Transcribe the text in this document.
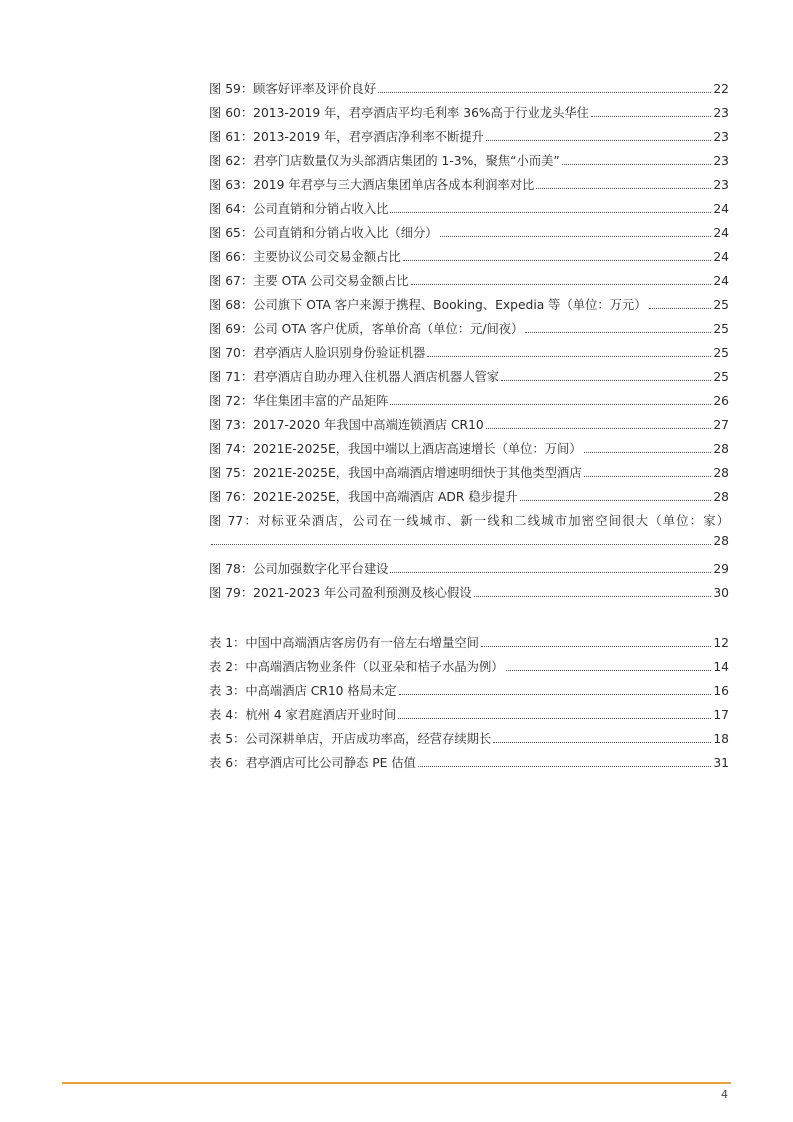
图 59：顾客好评率及评价良好	22
图 60：2013-2019 年，君亭酒店平均毛利率 36%高于行业龙头华住	23
图 61：2013-2019 年，君亭酒店净利率不断提升	23
图 62：君亭门店数量仅为头部酒店集团的 1-3%，聚焦“小而美”	23
图 63：2019 年君亭与三大酒店集团单店各成本利润率对比	23
图 64：公司直销和分销占收入比	24
图 65：公司直销和分销占收入比（细分）	24
图 66：主要协议公司交易金额占比	24
图 67：主要 OTA 公司交易金额占比	24
图 68：公司旗下 OTA 客户来源于携程、Booking、Expedia 等（单位：万元）	25
图 69：公司 OTA 客户优质，客单价高（单位：元/间夜）	25
图 70：君亭酒店人脸识别身份验证机器	25
图 71：君亭酒店自助办理入住机器人酒店机器人管家	25
图 72：华住集团丰富的产品矩阵	26
图 73：2017-2020 年我国中高端连锁酒店 CR10	27
图 74：2021E-2025E，我国中端以上酒店高速增长（单位：万间）	28
图 75：2021E-2025E，我国中高端酒店增速明细快于其他类型酒店	28
图 76：2021E-2025E，我国中高端酒店 ADR 稳步提升	28
图 77：对标亚朵酒店，公司在一线城市、新一线和二线城市加密空间很大（单位：家）
28
图 78：公司加强数字化平台建设	29
图 79：2021-2023 年公司盈利预测及核心假设	30
表 1：中国中高端酒店客房仍有一倍左右增量空间	12
表 2：中高端酒店物业条件（以亚朵和桔子水晶为例）	14
表 3：中高端酒店 CR10 格局未定	16
表 4：杭州 4 家君庭酒店开业时间	17
表 5：公司深耕单店，开店成功率高，经营存续期长	18
表 6：君亭酒店可比公司静态 PE 估值	31
4
